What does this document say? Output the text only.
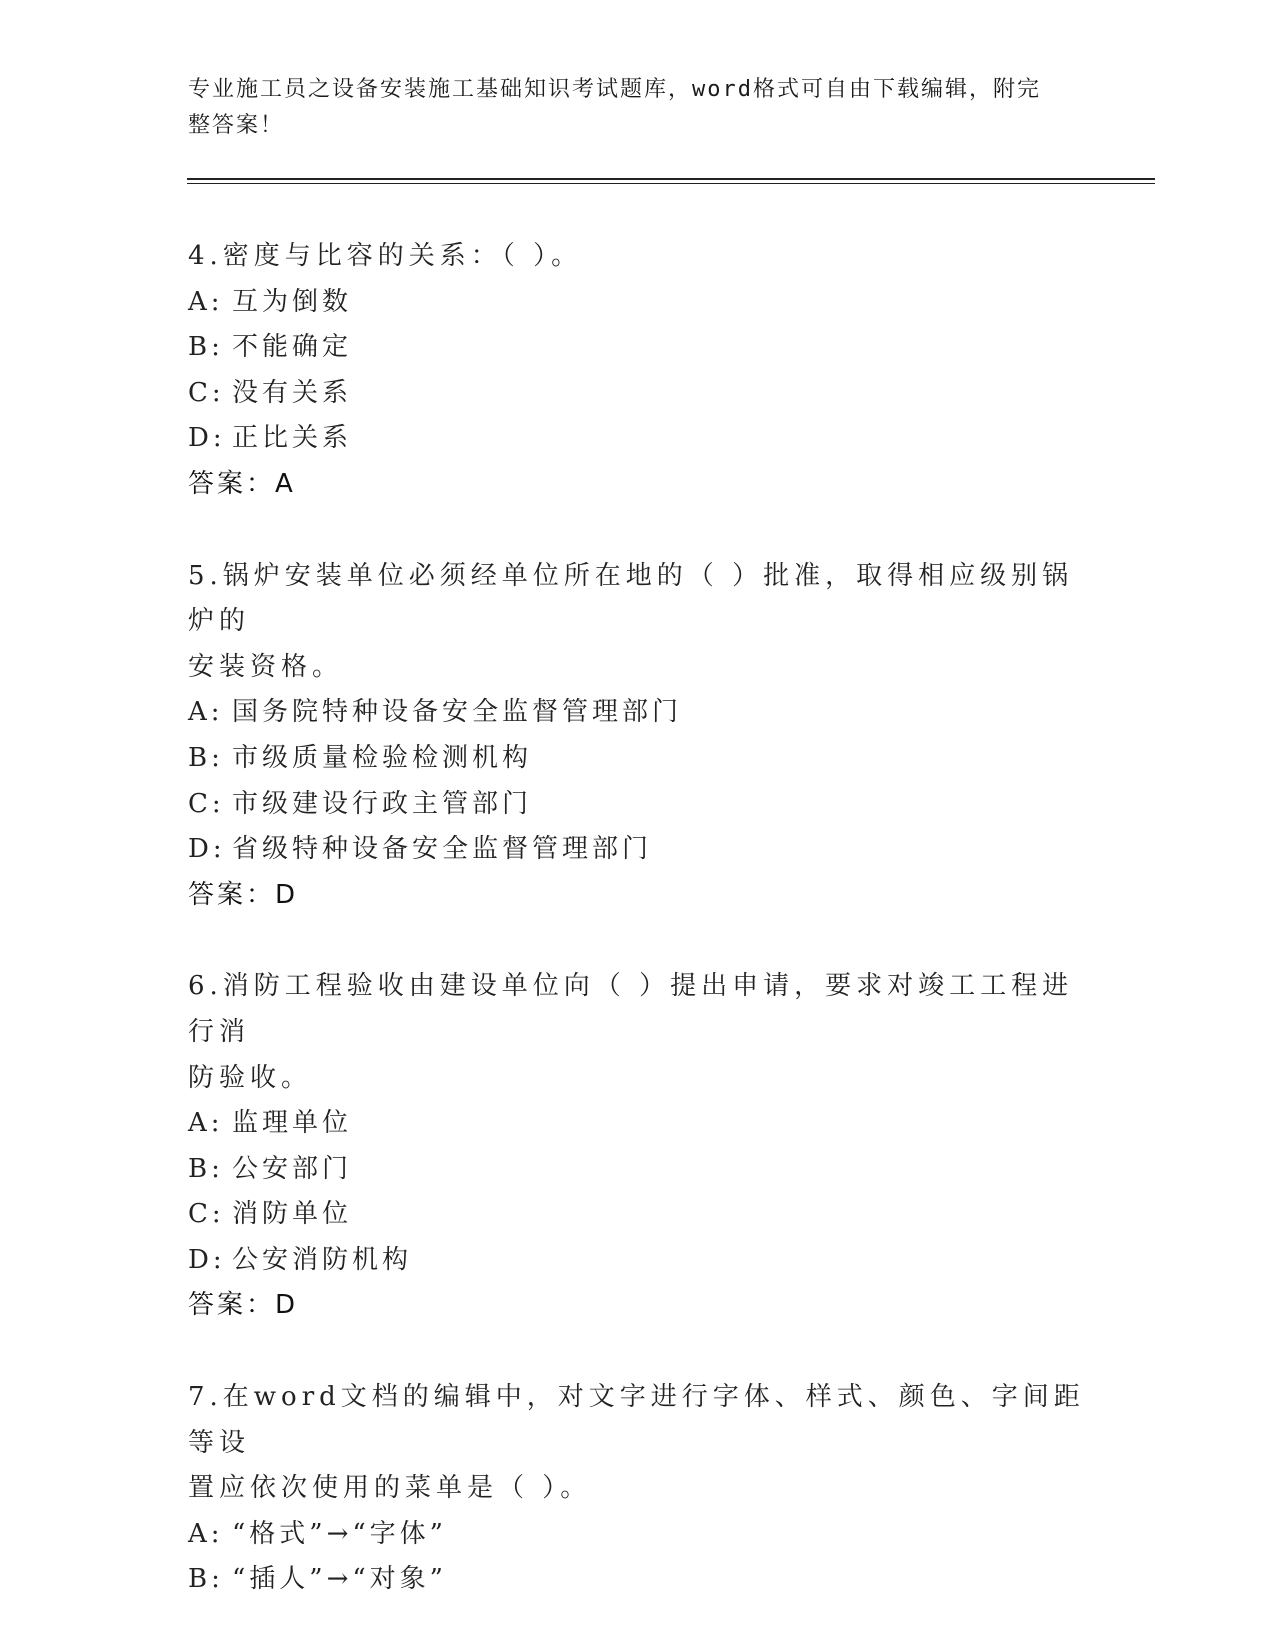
专业施工员之设备安装施工基础知识考试题库，word格式可自由下载编辑，附完
整答案！
4.密度与比容的关系：（ ）。
A: 互为倒数
B: 不能确定
C: 没有关系
D: 正比关系
答案：A
5.锅炉安装单位必须经单位所在地的（ ）批准，取得相应级别锅炉的
安装资格。
A: 国务院特种设备安全监督管理部门
B: 市级质量检验检测机构
C: 市级建设行政主管部门
D: 省级特种设备安全监督管理部门
答案：D
6.消防工程验收由建设单位向（ ）提出申请，要求对竣工工程进行消
防验收。
A: 监理单位
B: 公安部门
C: 消防单位
D: 公安消防机构
答案：D
7.在word文档的编辑中，对文字进行字体、样式、颜色、字间距等设
置应依次使用的菜单是（ ）。
A: “格式”→“字体”
B: “插人”→“对象”
